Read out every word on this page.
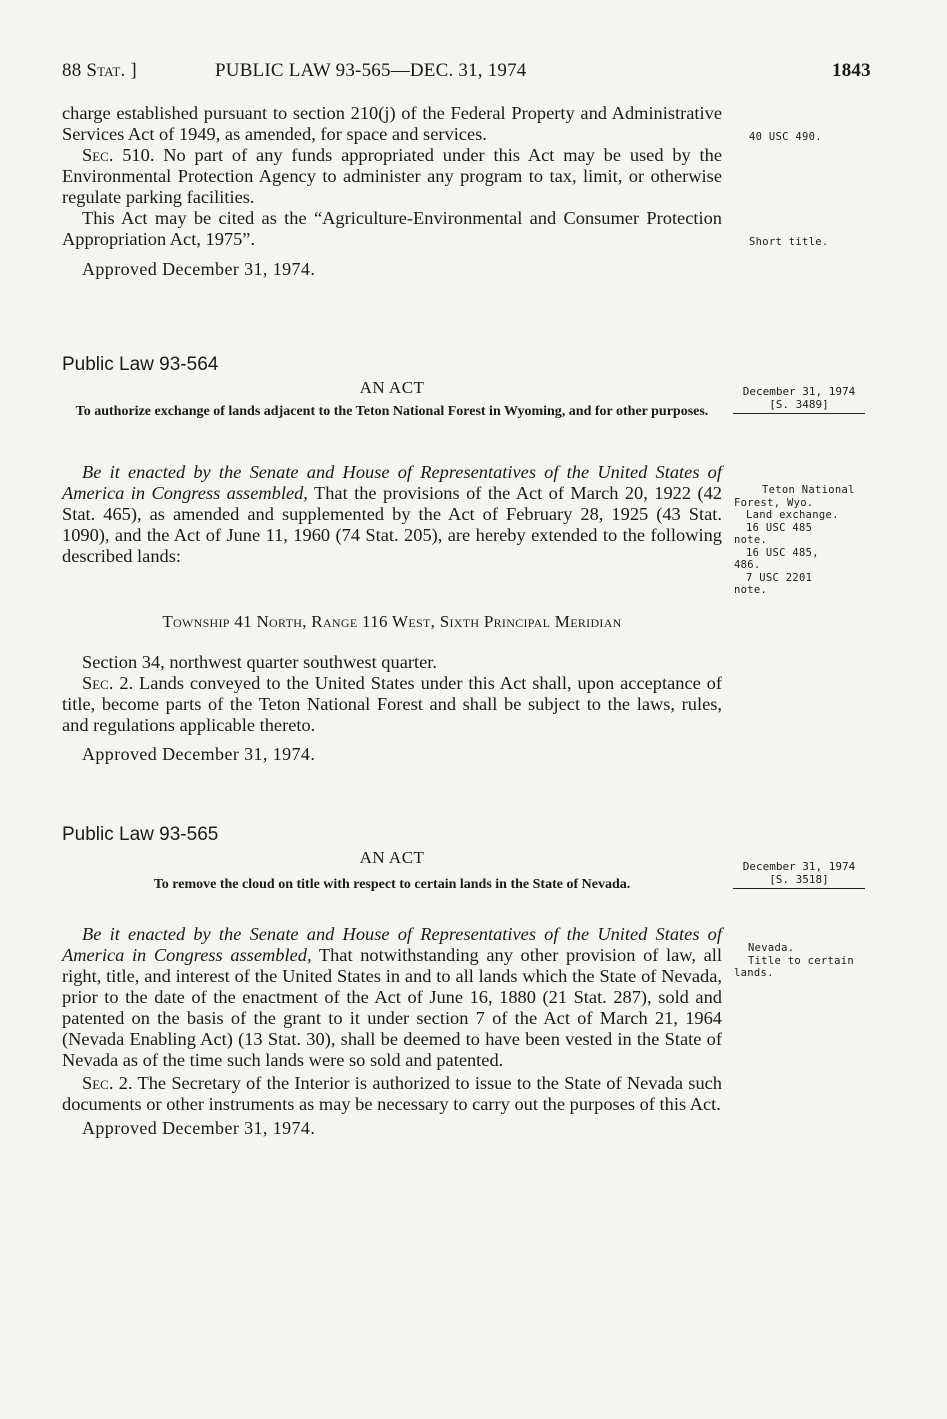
88 Stat. ]	PUBLIC LAW 93-565—DEC. 31, 1974	1843

charge established pursuant to section 210(j) of the Federal Property and Administrative Services Act of 1949, as amended, for space and services.

Sec. 510. No part of any funds appropriated under this Act may be used by the Environmental Protection Agency to administer any program to tax, limit, or otherwise regulate parking facilities.

This Act may be cited as the “Agriculture-Environmental and Consumer Protection Appropriation Act, 1975”.

Approved December 31, 1974.

Public Law 93-564
AN ACT
To authorize exchange of lands adjacent to the Teton National Forest in Wyoming, and for other purposes.

Be it enacted by the Senate and House of Representatives of the United States of America in Congress assembled, That the provisions of the Act of March 20, 1922 (42 Stat. 465), as amended and supplemented by the Act of February 28, 1925 (43 Stat. 1090), and the Act of June 11, 1960 (74 Stat. 205), are hereby extended to the following described lands:

Township 41 North, Range 116 West, Sixth Principal Meridian

Section 34, northwest quarter southwest quarter.

Sec. 2. Lands conveyed to the United States under this Act shall, upon acceptance of title, become parts of the Teton National Forest and shall be subject to the laws, rules, and regulations applicable thereto.

Approved December 31, 1974.

Public Law 93-565
AN ACT
To remove the cloud on title with respect to certain lands in the State of Nevada.

Be it enacted by the Senate and House of Representatives of the United States of America in Congress assembled, That notwithstanding any other provision of law, all right, title, and interest of the United States in and to all lands which the State of Nevada, prior to the date of the enactment of the Act of June 16, 1880 (21 Stat. 287), sold and patented on the basis of the grant to it under section 7 of the Act of March 21, 1964 (Nevada Enabling Act) (13 Stat. 30), shall be deemed to have been vested in the State of Nevada as of the time such lands were so sold and patented.

Sec. 2. The Secretary of the Interior is authorized to issue to the State of Nevada such documents or other instruments as may be necessary to carry out the purposes of this Act.

Approved December 31, 1974.

40 USC 490.
Short title.
December 31, 1974
[S. 3489]
Teton National
Forest, Wyo.
Land exchange.
16 USC 485
note.
16 USC 485,
486.
7 USC 2201
note.
December 31, 1974
[S. 3518]
Nevada.
Title to certain
lands.
